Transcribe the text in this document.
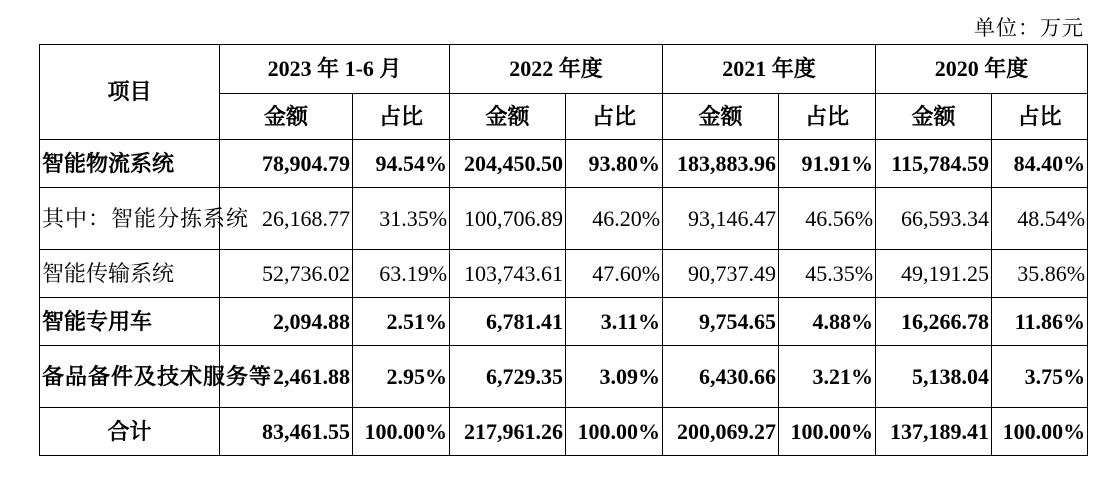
单位：万元
项目	2023 年 1-6 月		2022 年度		2021 年度		2020 年度	
	金额	占比	金额	占比	金额	占比	金额	占比
智能物流系统	78,904.79	94.54%	204,450.50	93.80%	183,883.96	91.91%	115,784.59	84.40%
其中：智能分拣系统	26,168.77	31.35%	100,706.89	46.20%	93,146.47	46.56%	66,593.34	48.54%
智能传输系统	52,736.02	63.19%	103,743.61	47.60%	90,737.49	45.35%	49,191.25	35.86%
智能专用车	2,094.88	2.51%	6,781.41	3.11%	9,754.65	4.88%	16,266.78	11.86%
备品备件及技术服务等	2,461.88	2.95%	6,729.35	3.09%	6,430.66	3.21%	5,138.04	3.75%
合计	83,461.55	100.00%	217,961.26	100.00%	200,069.27	100.00%	137,189.41	100.00%
